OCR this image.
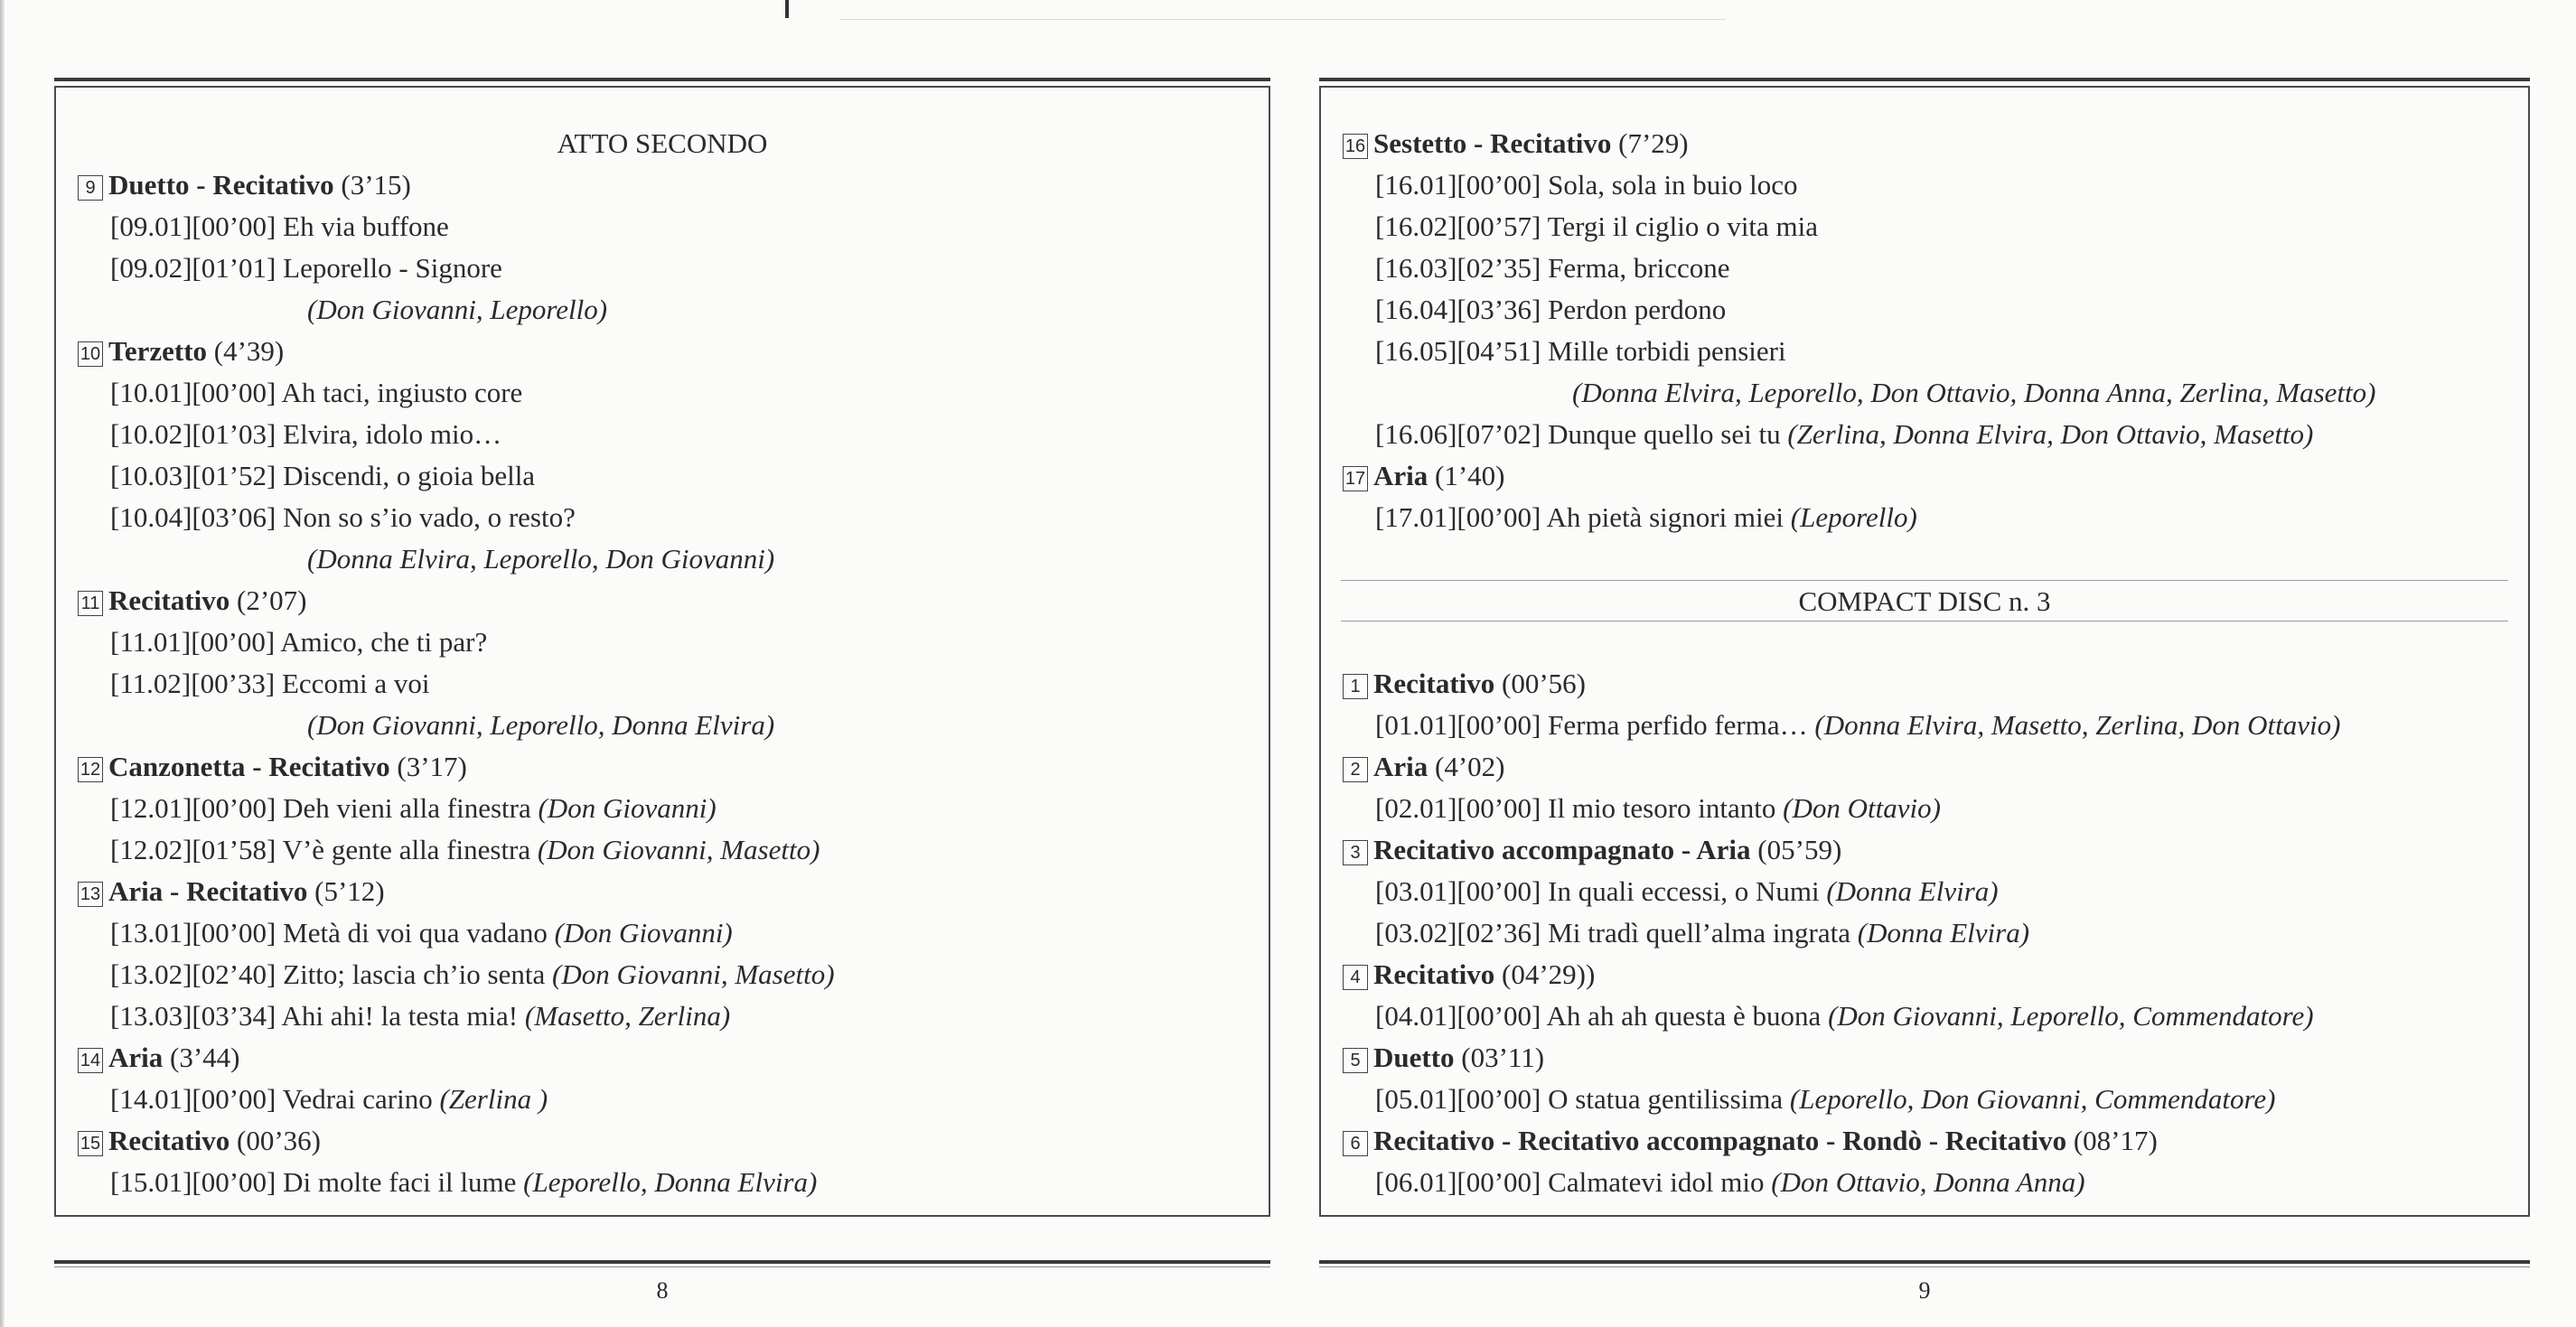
ATTO SECONDO
9 Duetto - Recitativo (3’15)
[09.01][00’00] Eh via buffone
[09.02][01’01] Leporello - Signore
(Don Giovanni, Leporello)
10 Terzetto (4’39)
[10.01][00’00] Ah taci, ingiusto core
[10.02][01’03] Elvira, idolo mio…
[10.03][01’52] Discendi, o gioia bella
[10.04][03’06] Non so s’io vado, o resto?
(Donna Elvira, Leporello, Don Giovanni)
11 Recitativo (2’07)
[11.01][00’00] Amico, che ti par?
[11.02][00’33] Eccomi a voi
(Don Giovanni, Leporello, Donna Elvira)
12 Canzonetta - Recitativo (3’17)
[12.01][00’00] Deh vieni alla finestra (Don Giovanni)
[12.02][01’58] V’è gente alla finestra (Don Giovanni, Masetto)
13 Aria - Recitativo (5’12)
[13.01][00’00] Metà di voi qua vadano (Don Giovanni)
[13.02][02’40] Zitto; lascia ch’io senta (Don Giovanni, Masetto)
[13.03][03’34] Ahi ahi! la testa mia! (Masetto, Zerlina)
14 Aria (3’44)
[14.01][00’00] Vedrai carino (Zerlina )
15 Recitativo (00’36)
[15.01][00’00] Di molte faci il lume (Leporello, Donna Elvira)
8
16 Sestetto - Recitativo (7’29)
[16.01][00’00] Sola, sola in buio loco
[16.02][00’57] Tergi il ciglio o vita mia
[16.03][02’35] Ferma, briccone
[16.04][03’36] Perdon perdono
[16.05][04’51] Mille torbidi pensieri
(Donna Elvira, Leporello, Don Ottavio, Donna Anna, Zerlina, Masetto)
[16.06][07’02] Dunque quello sei tu (Zerlina, Donna Elvira, Don Ottavio, Masetto)
17 Aria (1’40)
[17.01][00’00] Ah pietà signori miei (Leporello)
COMPACT DISC n. 3
1 Recitativo (00’56)
[01.01][00’00] Ferma perfido ferma… (Donna Elvira, Masetto, Zerlina, Don Ottavio)
2 Aria (4’02)
[02.01][00’00] Il mio tesoro intanto (Don Ottavio)
3 Recitativo accompagnato - Aria (05’59)
[03.01][00’00] In quali eccessi, o Numi (Donna Elvira)
[03.02][02’36] Mi tradì quell’alma ingrata (Donna Elvira)
4 Recitativo (04’29))
[04.01][00’00] Ah ah ah questa è buona (Don Giovanni, Leporello, Commendatore)
5 Duetto (03’11)
[05.01][00’00] O statua gentilissima (Leporello, Don Giovanni, Commendatore)
6 Recitativo - Recitativo accompagnato - Rondò - Recitativo (08’17)
[06.01][00’00] Calmatevi idol mio (Don Ottavio, Donna Anna)
9
